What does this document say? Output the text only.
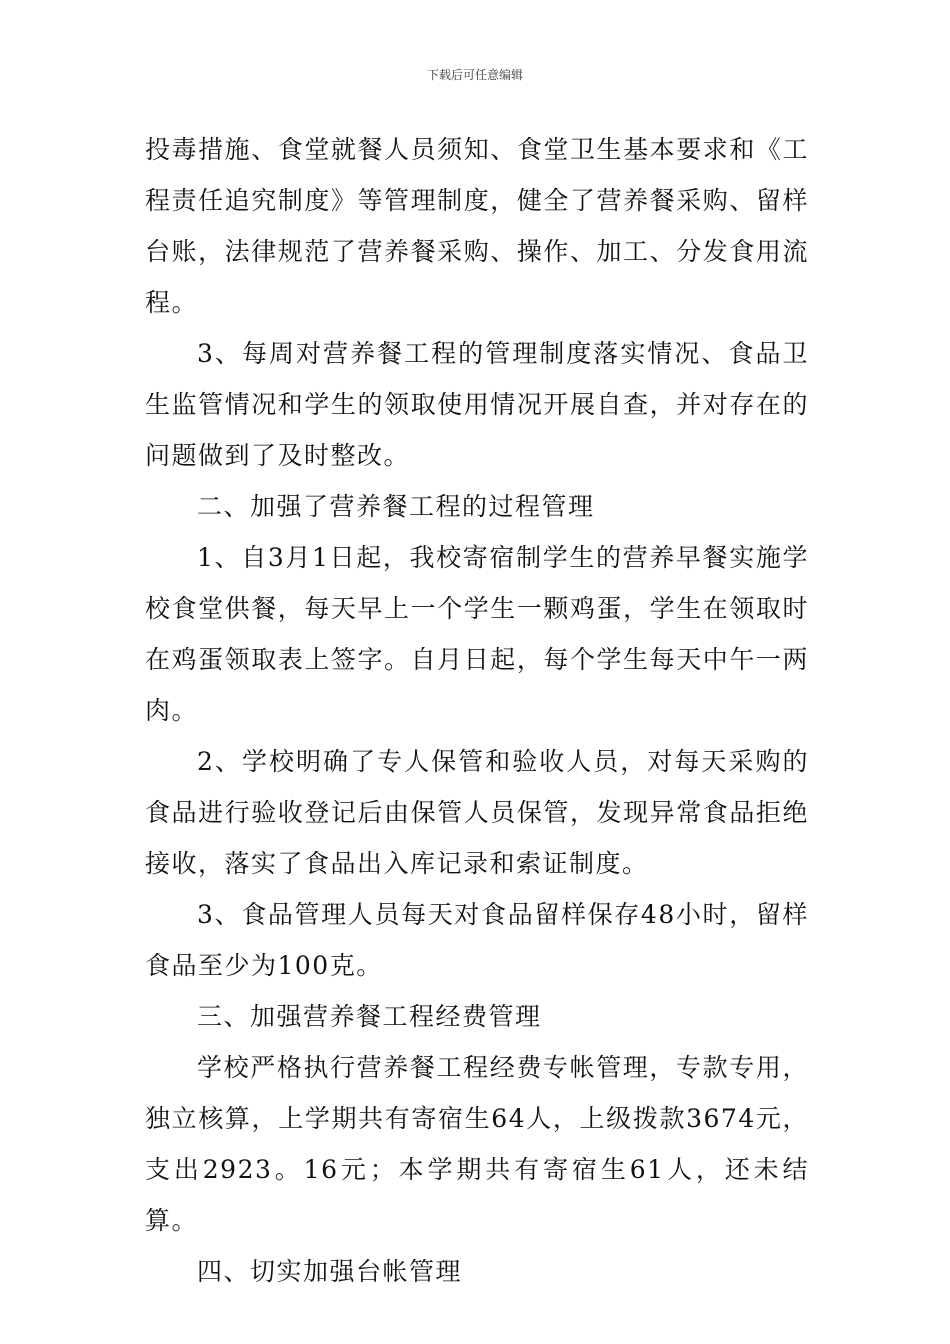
下载后可任意编辑

投毒措施、食堂就餐人员须知、食堂卫生基本要求和《工程责任追究制度》等管理制度，健全了营养餐采购、留样台账，法律规范了营养餐采购、操作、加工、分发食用流程。

3、每周对营养餐工程的管理制度落实情况、食品卫生监管情况和学生的领取使用情况开展自查，并对存在的问题做到了及时整改。

二、加强了营养餐工程的过程管理

1、自3月1日起，我校寄宿制学生的营养早餐实施学校食堂供餐，每天早上一个学生一颗鸡蛋，学生在领取时在鸡蛋领取表上签字。自月日起，每个学生每天中午一两肉。

2、学校明确了专人保管和验收人员，对每天采购的食品进行验收登记后由保管人员保管，发现异常食品拒绝接收，落实了食品出入库记录和索证制度。

3、食品管理人员每天对食品留样保存48小时，留样食品至少为100克。

三、加强营养餐工程经费管理

学校严格执行营养餐工程经费专帐管理，专款专用，独立核算，上学期共有寄宿生64人，上级拨款3674元，支出2923。16元；本学期共有寄宿生61人，还未结算。

四、切实加强台帐管理
